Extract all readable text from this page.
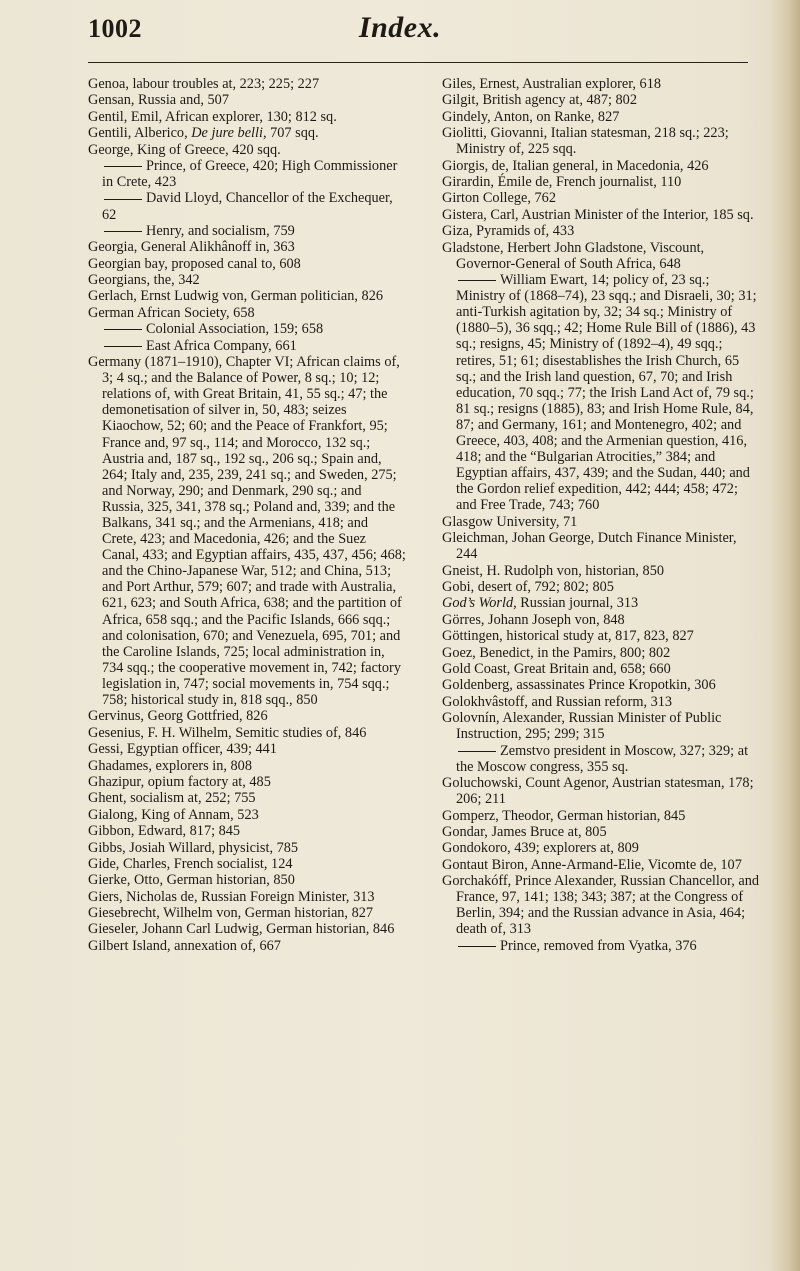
1002	Index.
Genoa, labour troubles at, 223; 225; 227
Gensan, Russia and, 507
Gentil, Emil, African explorer, 130; 812 sq.
Gentili, Alberico, De jure belli, 707 sqq.
George, King of Greece, 420 sqq.
Prince, of Greece, 420; High Commissioner in Crete, 423
David Lloyd, Chancellor of the Exchequer, 62
Henry, and socialism, 759
Georgia, General Alikhânoff in, 363
Georgian bay, proposed canal to, 608
Georgians, the, 342
Gerlach, Ernst Ludwig von, German politician, 826
German African Society, 658
Colonial Association, 159; 658
East Africa Company, 661
Germany (1871–1910), Chapter VI; African claims of, 3; 4 sq.; and the Balance of Power, 8 sq.; 10; 12; relations of, with Great Britain, 41, 55 sq.; 47; the demonetisation of silver in, 50, 483; seizes Kiaochow, 52; 60; and the Peace of Frankfort, 95; France and, 97 sq., 114; and Morocco, 132 sq.; Austria and, 187 sq., 192 sq., 206 sq.; Spain and, 264; Italy and, 235, 239, 241 sq.; and Sweden, 275; and Norway, 290; and Denmark, 290 sq.; and Russia, 325, 341, 378 sq.; Poland and, 339; and the Balkans, 341 sq.; and the Armenians, 418; and Crete, 423; and Macedonia, 426; and the Suez Canal, 433; and Egyptian affairs, 435, 437, 456; 468; and the Chino-Japanese War, 512; and China, 513; and Port Arthur, 579; 607; and trade with Australia, 621, 623; and South Africa, 638; and the partition of Africa, 658 sqq.; and the Pacific Islands, 666 sqq.; and colonisation, 670; and Venezuela, 695, 701; and the Caroline Islands, 725; local administration in, 734 sqq.; the cooperative movement in, 742; factory legislation in, 747; social movements in, 754 sqq.; 758; historical study in, 818 sqq., 850
Gervinus, Georg Gottfried, 826
Gesenius, F. H. Wilhelm, Semitic studies of, 846
Gessi, Egyptian officer, 439; 441
Ghadames, explorers in, 808
Ghazipur, opium factory at, 485
Ghent, socialism at, 252; 755
Gialong, King of Annam, 523
Gibbon, Edward, 817; 845
Gibbs, Josiah Willard, physicist, 785
Gide, Charles, French socialist, 124
Gierke, Otto, German historian, 850
Giers, Nicholas de, Russian Foreign Minister, 313
Giesebrecht, Wilhelm von, German historian, 827
Gieseler, Johann Carl Ludwig, German historian, 846
Gilbert Island, annexation of, 667
Giles, Ernest, Australian explorer, 618
Gilgit, British agency at, 487; 802
Gindely, Anton, on Ranke, 827
Giolitti, Giovanni, Italian statesman, 218 sq.; 223; Ministry of, 225 sqq.
Giorgis, de, Italian general, in Macedonia, 426
Girardin, Émile de, French journalist, 110
Girton College, 762
Gistera, Carl, Austrian Minister of the Interior, 185 sq.
Giza, Pyramids of, 433
Gladstone, Herbert John Gladstone, Viscount, Governor-General of South Africa, 648
William Ewart, 14; policy of, 23 sq.; Ministry of (1868–74), 23 sqq.; and Disraeli, 30; 31; anti-Turkish agitation by, 32; 34 sq.; Ministry of (1880–5), 36 sqq.; 42; Home Rule Bill of (1886), 43 sq.; resigns, 45; Ministry of (1892–4), 49 sqq.; retires, 51; 61; disestablishes the Irish Church, 65 sq.; and the Irish land question, 67, 70; and Irish education, 70 sqq.; 77; the Irish Land Act of, 79 sq.; 81 sq.; resigns (1885), 83; and Irish Home Rule, 84, 87; and Germany, 161; and Montenegro, 402; and Greece, 403, 408; and the Armenian question, 416, 418; and the “Bulgarian Atrocities,” 384; and Egyptian affairs, 437, 439; and the Sudan, 440; and the Gordon relief expedition, 442; 444; 458; 472; and Free Trade, 743; 760
Glasgow University, 71
Gleichman, Johan George, Dutch Finance Minister, 244
Gneist, H. Rudolph von, historian, 850
Gobi, desert of, 792; 802; 805
God’s World, Russian journal, 313
Görres, Johann Joseph von, 848
Göttingen, historical study at, 817, 823, 827
Goez, Benedict, in the Pamirs, 800; 802
Gold Coast, Great Britain and, 658; 660
Goldenberg, assassinates Prince Kropotkin, 306
Golokhvâstoff, and Russian reform, 313
Golovnín, Alexander, Russian Minister of Public Instruction, 295; 299; 315
Zemstvo president in Moscow, 327; 329; at the Moscow congress, 355 sq.
Goluchowski, Count Agenor, Austrian statesman, 178; 206; 211
Gomperz, Theodor, German historian, 845
Gondar, James Bruce at, 805
Gondokoro, 439; explorers at, 809
Gontaut Biron, Anne-Armand-Elie, Vicomte de, 107
Gorchakóff, Prince Alexander, Russian Chancellor, and France, 97, 141; 138; 343; 387; at the Congress of Berlin, 394; and the Russian advance in Asia, 464; death of, 313
Prince, removed from Vyatka, 376
